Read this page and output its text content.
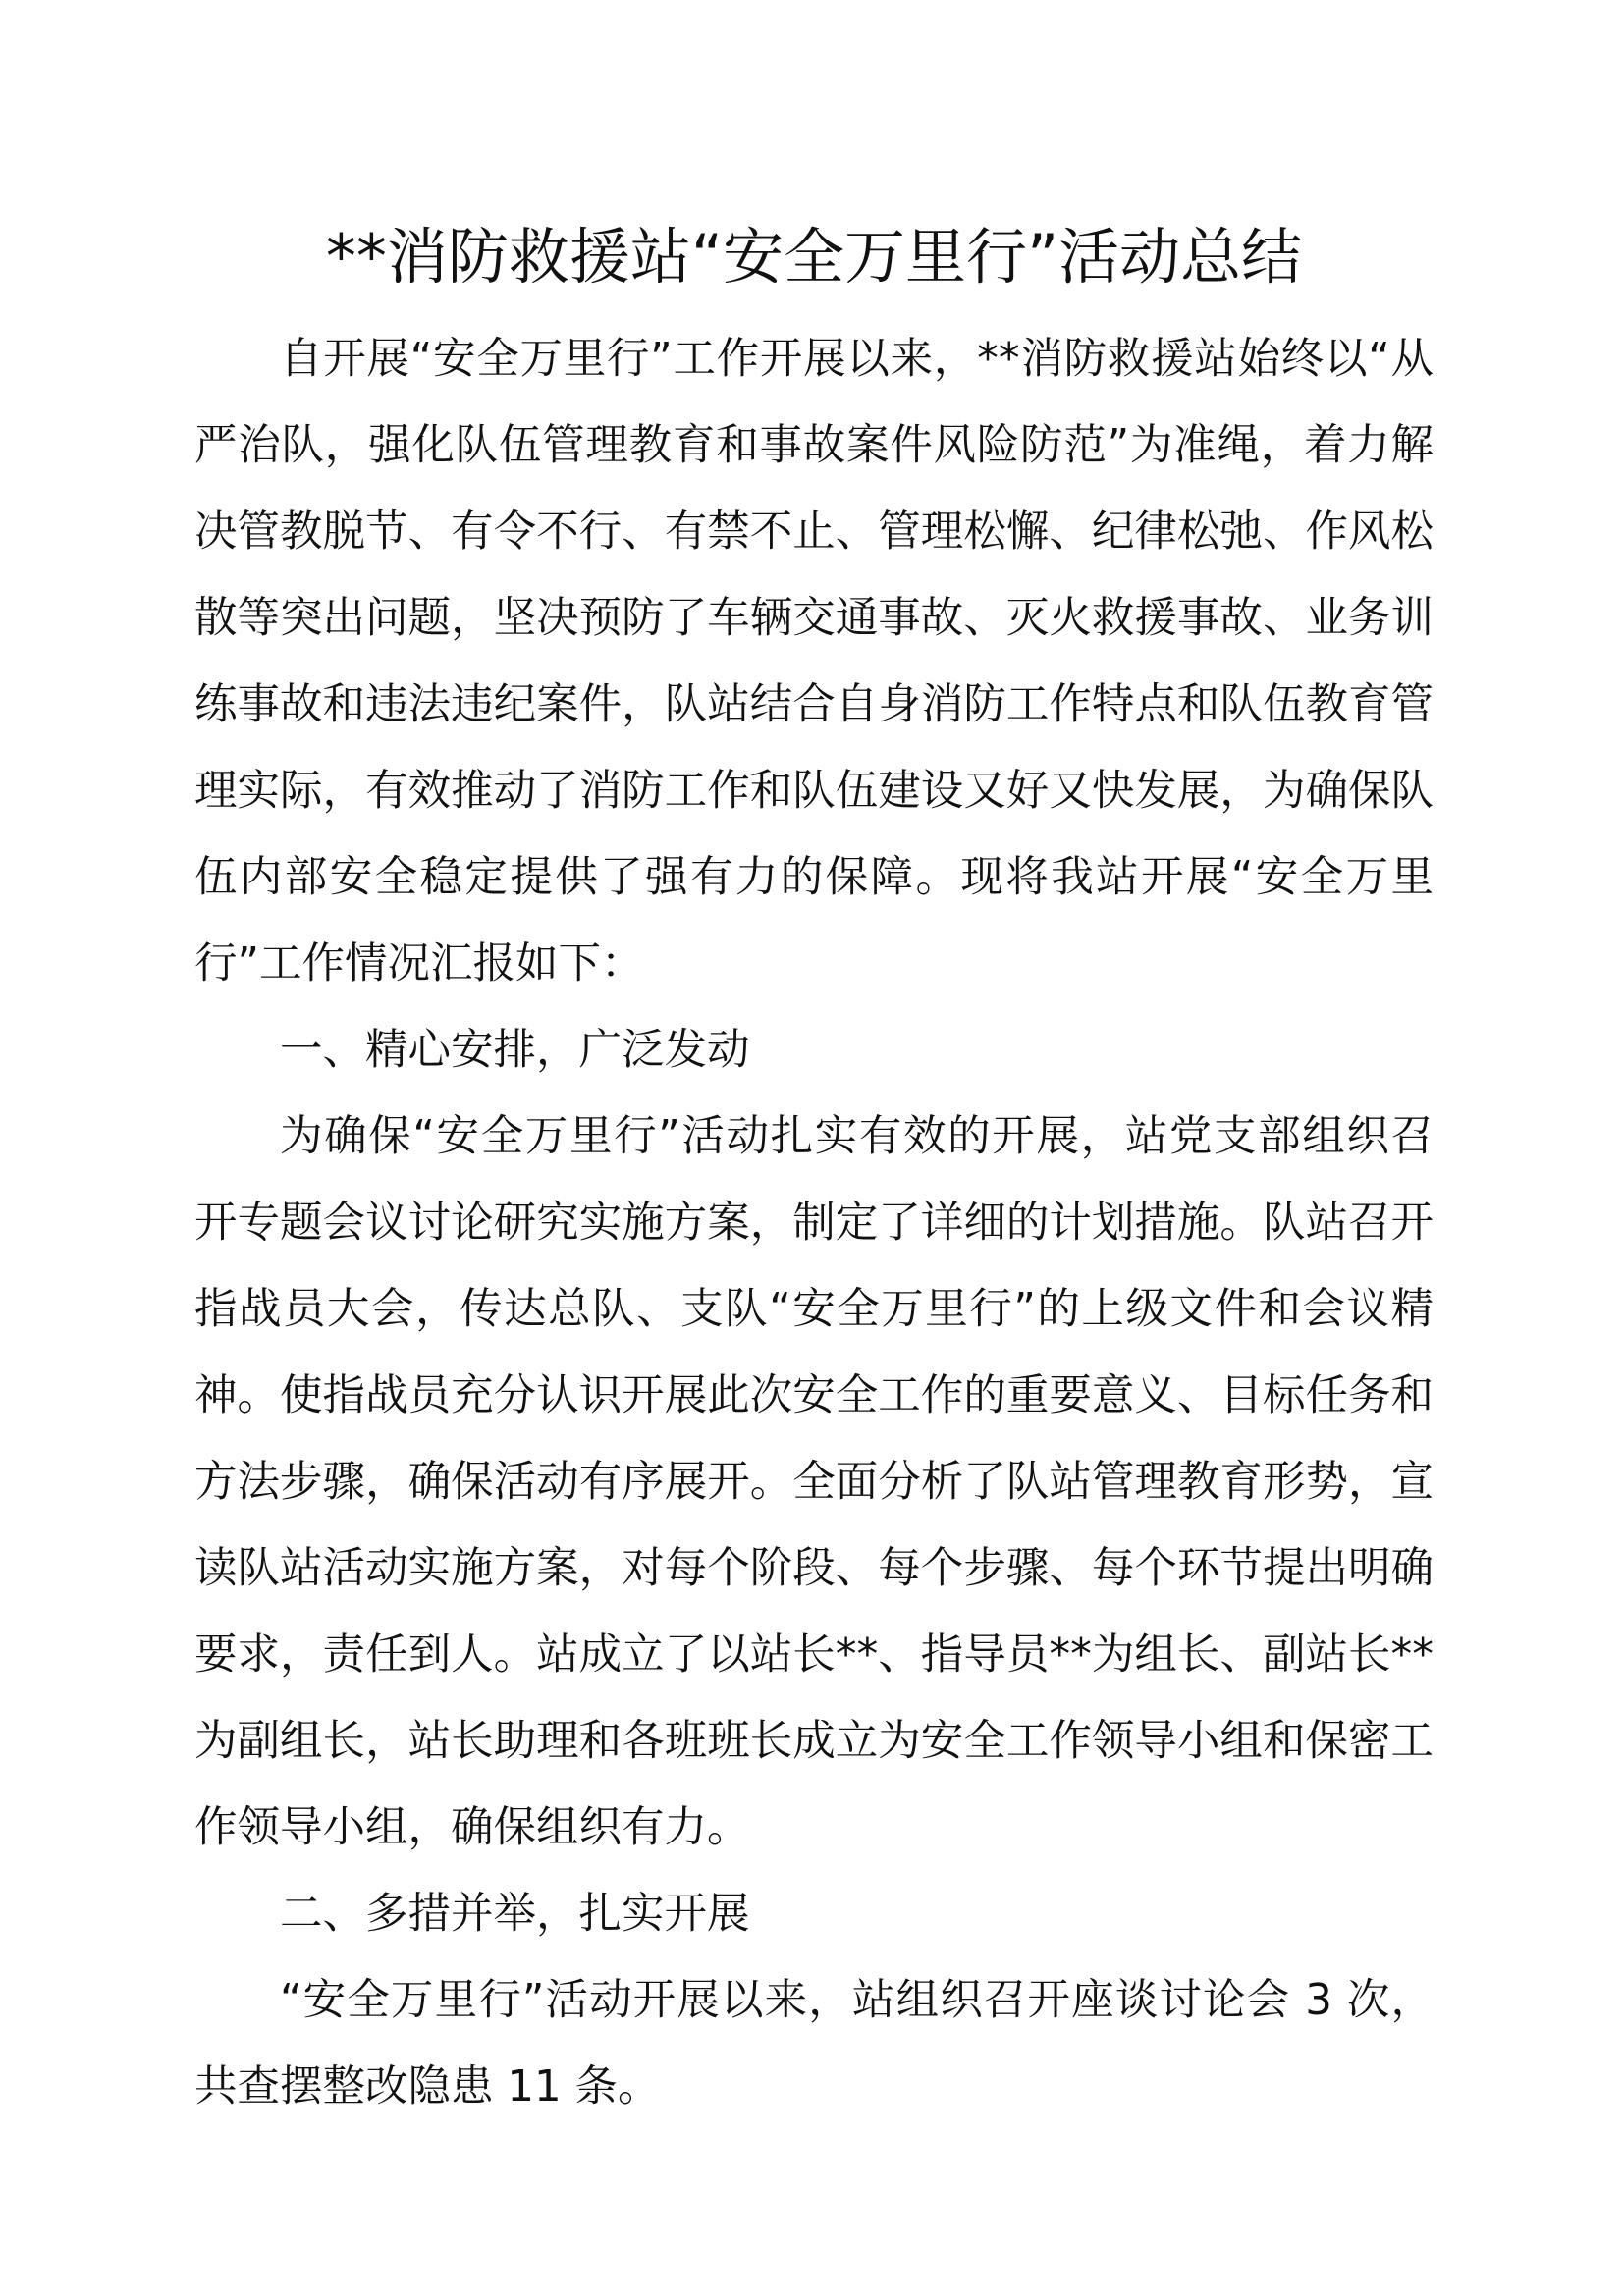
**消防救援站“安全万里行”活动总结

自开展“安全万里行”工作开展以来，**消防救援站始终以“从严治队，强化队伍管理教育和事故案件风险防范”为准绳，着力解决管教脱节、有令不行、有禁不止、管理松懈、纪律松弛、作风松散等突出问题，坚决预防了车辆交通事故、灭火救援事故、业务训练事故和违法违纪案件，队站结合自身消防工作特点和队伍教育管理实际，有效推动了消防工作和队伍建设又好又快发展，为确保队伍内部安全稳定提供了强有力的保障。现将我站开展“安全万里行”工作情况汇报如下：

一、精心安排，广泛发动

为确保“安全万里行”活动扎实有效的开展，站党支部组织召开专题会议讨论研究实施方案，制定了详细的计划措施。队站召开指战员大会，传达总队、支队“安全万里行”的上级文件和会议精神。使指战员充分认识开展此次安全工作的重要意义、目标任务和方法步骤，确保活动有序展开。全面分析了队站管理教育形势，宣读队站活动实施方案，对每个阶段、每个步骤、每个环节提出明确要求，责任到人。站成立了以站长**、指导员**为组长、副站长**为副组长，站长助理和各班班长成立为安全工作领导小组和保密工作领导小组，确保组织有力。

二、多措并举，扎实开展

“安全万里行”活动开展以来，站组织召开座谈讨论会 3 次，共查摆整改隐患 11 条。
